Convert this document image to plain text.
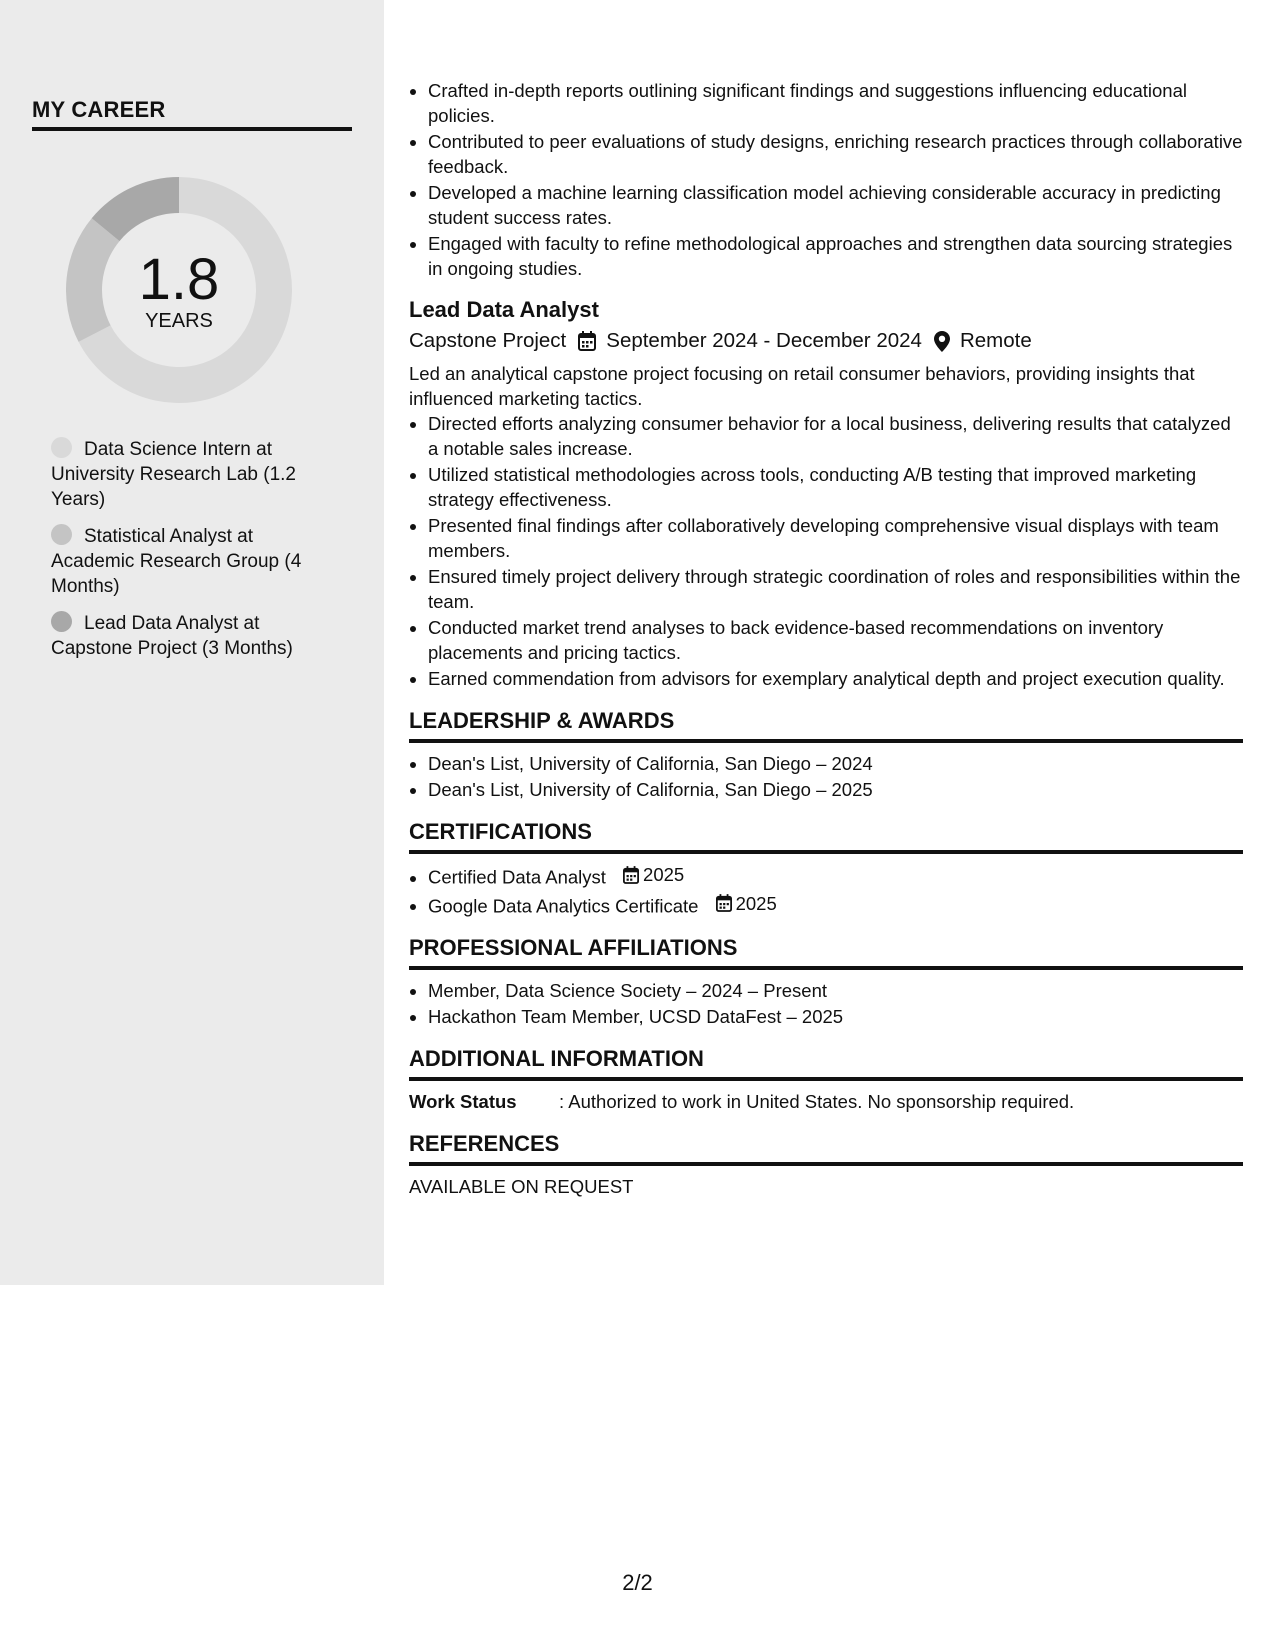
MY CAREER
1.8
YEARS
Data Science Intern at University Research Lab (1.2 Years)
Statistical Analyst at Academic Research Group (4 Months)
Lead Data Analyst at Capstone Project (3 Months)
• Crafted in-depth reports outlining significant findings and suggestions influencing educational policies.
• Contributed to peer evaluations of study designs, enriching research practices through collaborative feedback.
• Developed a machine learning classification model achieving considerable accuracy in predicting student success rates.
• Engaged with faculty to refine methodological approaches and strengthen data sourcing strategies in ongoing studies.
Lead Data Analyst
Capstone Project September 2024 - December 2024 Remote
Led an analytical capstone project focusing on retail consumer behaviors, providing insights that influenced marketing tactics.
• Directed efforts analyzing consumer behavior for a local business, delivering results that catalyzed a notable sales increase.
• Utilized statistical methodologies across tools, conducting A/B testing that improved marketing strategy effectiveness.
• Presented final findings after collaboratively developing comprehensive visual displays with team members.
• Ensured timely project delivery through strategic coordination of roles and responsibilities within the team.
• Conducted market trend analyses to back evidence-based recommendations on inventory placements and pricing tactics.
• Earned commendation from advisors for exemplary analytical depth and project execution quality.
LEADERSHIP & AWARDS
• Dean's List, University of California, San Diego – 2024
• Dean's List, University of California, San Diego – 2025
CERTIFICATIONS
• Certified Data Analyst 2025
• Google Data Analytics Certificate 2025
PROFESSIONAL AFFILIATIONS
• Member, Data Science Society – 2024 – Present
• Hackathon Team Member, UCSD DataFest – 2025
ADDITIONAL INFORMATION
Work Status	: Authorized to work in United States. No sponsorship required.
REFERENCES
AVAILABLE ON REQUEST
2/2
